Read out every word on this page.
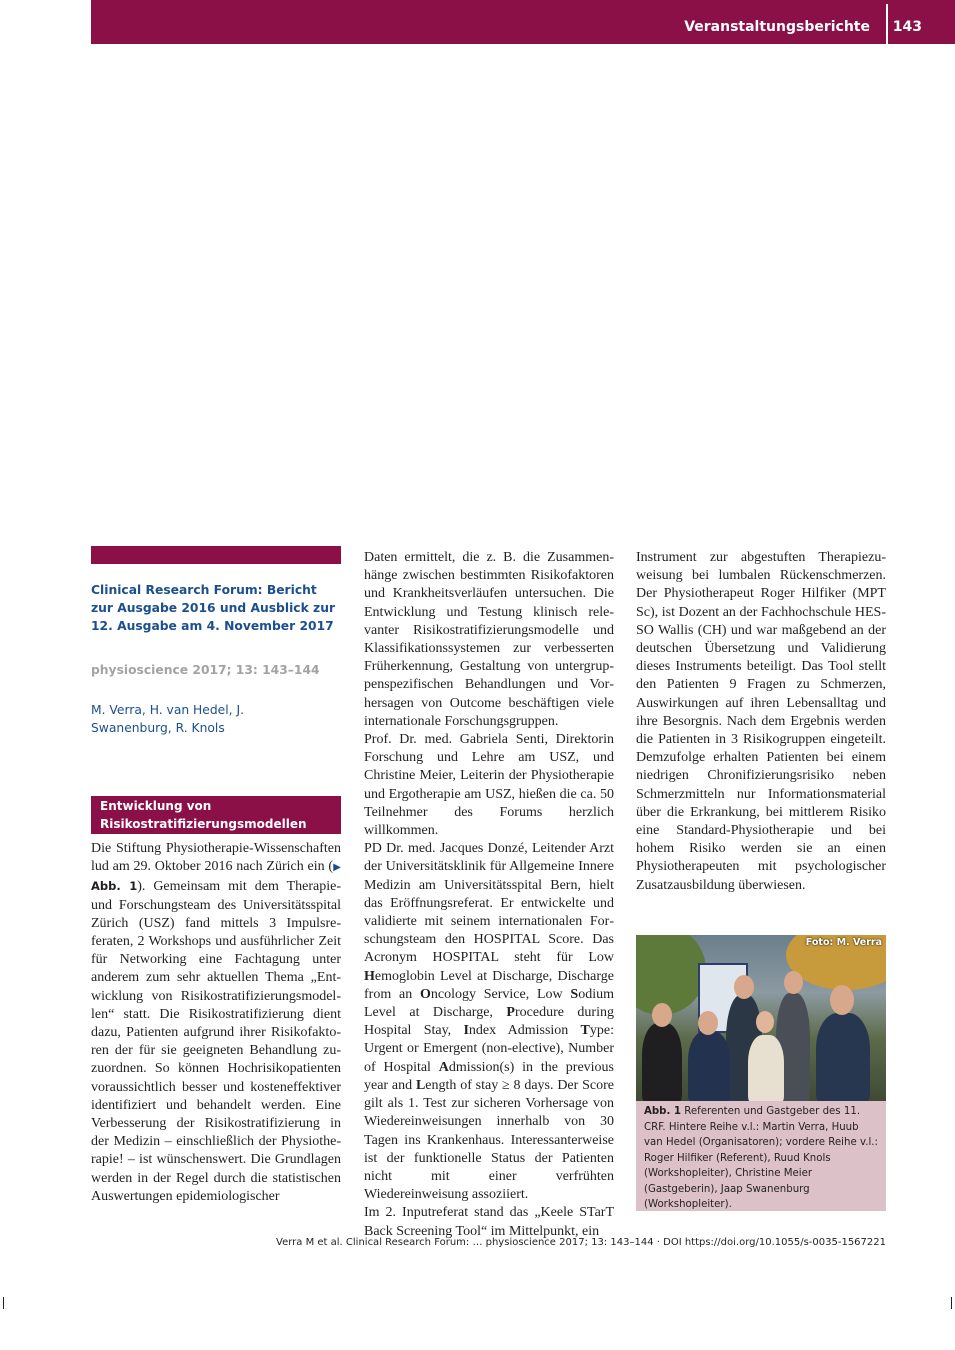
Veranstaltungsberichte 143
Clinical Research Forum: Bericht zur Ausgabe 2016 und Ausblick zur 12. Ausgabe am 4. November 2017
physioscience 2017; 13: 143–144
M. Verra, H. van Hedel, J. Swanenburg, R. Knols
Entwicklung von Risikostratifizierungsmodellen

Die Stiftung Physiotherapie-Wissenschaften lud am 29. Oktober 2016 nach Zürich ein (▶ Abb. 1). Gemeinsam mit dem Therapie- und Forschungsteam des Universitätsspital Zürich (USZ) fand mittels 3 Impulsreferaten, 2 Workshops und ausführlicher Zeit für Networking eine Fachtagung unter anderem zum sehr aktuellen Thema „Entwicklung von Risikostratifizierungsmodellen“ statt. Die Risikostratifizierung dient dazu, Patienten aufgrund ihrer Risikofaktoren der für sie geeigneten Behandlung zuzuordnen. So können Hochrisikopatienten voraussichtlich besser und kosteneffektiver identifiziert und behandelt werden. Eine Verbesserung der Risikostratifizierung in der Medizin – einschließlich der Physiotherapie! – ist wünschenswert. Die Grundlagen werden in der Regel durch die statistischen Auswertungen epidemiologischer

Daten ermittelt, die z. B. die Zusammenhänge zwischen bestimmten Risikofaktoren und Krankheitsverläufen untersuchen. Die Entwicklung und Testung klinisch relevanter Risikostratifizierungsmodelle und Klassifikationssystemen zur verbesserten Früherkennung, Gestaltung von untergruppenspezifischen Behandlungen und Vorhersagen von Outcome beschäftigen viele internationale Forschungsgruppen.

Prof. Dr. med. Gabriela Senti, Direktorin Forschung und Lehre am USZ, und Christine Meier, Leiterin der Physiotherapie und Ergotherapie am USZ, hießen die ca. 50 Teilnehmer des Forums herzlich willkommen.

PD Dr. med. Jacques Donzé, Leitender Arzt der Universitätsklinik für Allgemeine Innere Medizin am Universitätsspital Bern, hielt das Eröffnungsreferat. Er entwickelte und validierte mit seinem internationalen Forschungsteam den HOSPITAL Score. Das Acronym HOSPITAL steht für Low Hemoglobin Level at Discharge, Discharge from an Oncology Service, Low Sodium Level at Discharge, Procedure during Hospital Stay, Index Admission Type: Urgent or Emergent (non-elective), Number of Hospital Admission(s) in the previous year and Length of stay ≥ 8 days. Der Score gilt als 1. Test zur sicheren Vorhersage von Wiedereinweisungen innerhalb von 30 Tagen ins Krankenhaus. Interessanterweise ist der funktionelle Status der Patienten nicht mit einer verfrühten Wiedereinweisung assoziiert.

Im 2. Inputreferat stand das „Keele STarT Back Screening Tool“ im Mittelpunkt, ein

Instrument zur abgestuften Therapiezuweisung bei lumbalen Rückenschmerzen. Der Physiotherapeut Roger Hilfiker (MPT Sc), ist Dozent an der Fachhochschule HES-SO Wallis (CH) und war maßgebend an der deutschen Übersetzung und Validierung dieses Instruments beteiligt. Das Tool stellt den Patienten 9 Fragen zu Schmerzen, Auswirkungen auf ihren Lebensalltag und ihre Besorgnis. Nach dem Ergebnis werden die Patienten in 3 Risikogruppen eingeteilt. Demzufolge erhalten Patienten bei einem niedrigen Chronifizierungsrisiko neben Schmerzmitteln nur Informationsmaterial über die Erkrankung, bei mittlerem Risiko eine Standard-Physiotherapie und bei hohem Risiko werden sie an einen Physiotherapeuten mit psychologischer Zusatzausbildung überwiesen.

Foto: M. Verra
Abb. 1 Referenten und Gastgeber des 11. CRF. Hintere Reihe v.l.: Martin Verra, Huub van Hedel (Organisatoren); vordere Reihe v.l.: Roger Hilfiker (Referent), Ruud Knols (Workshopleiter), Christine Meier (Gastgeberin), Jaap Swanenburg (Workshopleiter).
Verra M et al. Clinical Research Forum: … physioscience 2017; 13: 143–144 · DOI https://doi.org/10.1055/s-0035-1567221
